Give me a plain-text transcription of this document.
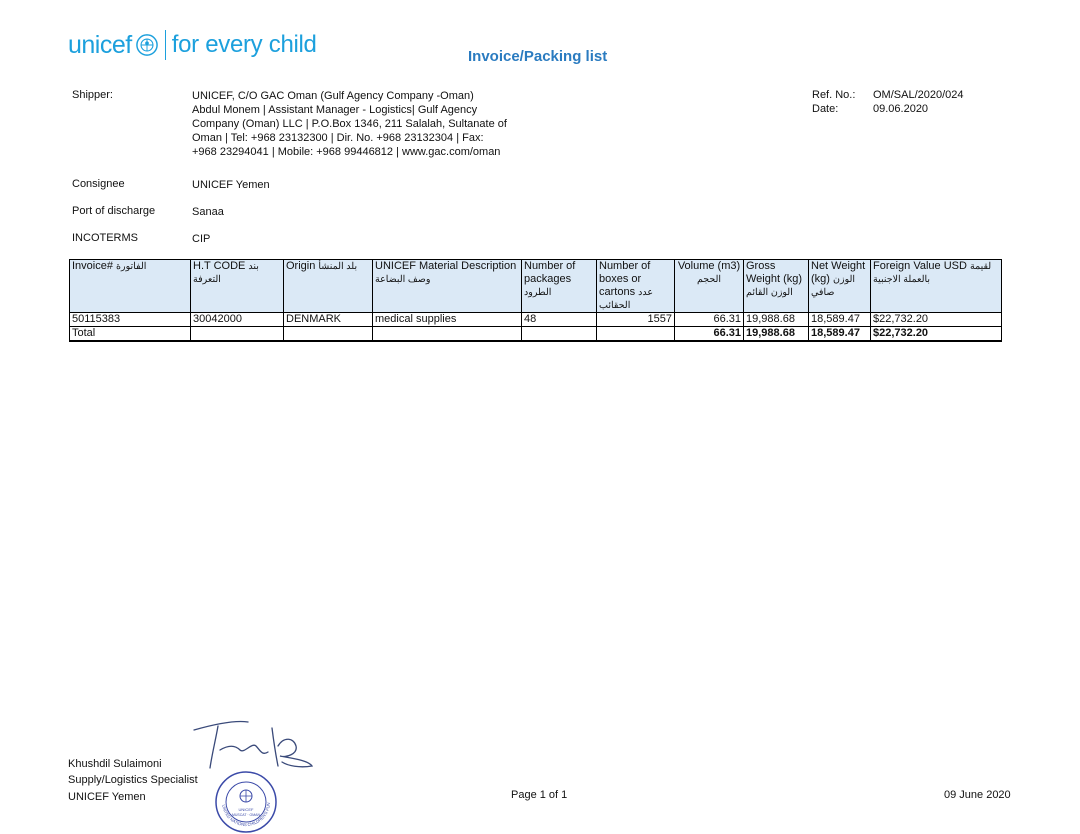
unicef for every child	Invoice/Packing list
Shipper:	UNICEF, C/O GAC Oman (Gulf Agency Company -Oman)
Abdul Monem | Assistant Manager - Logistics| Gulf Agency
Company (Oman) LLC | P.O.Box 1346, 211 Salalah, Sultanate of
Oman | Tel: +968 23132300 | Dir. No. +968 23132304 | Fax:
+968 23294041 | Mobile: +968 99446812 | www.gac.com/oman
Ref. No.: OM/SAL/2020/024
Date:	09.06.2020
Consignee	UNICEF Yemen
Port of discharge	Sanaa
INCOTERMS	CIP
Invoice# الفاتورة	H.T CODE بند التعرفة	Origin بلد المنشأ	UNICEF Material Description وصف البضاعة	Number of packages الطرود	Number of boxes or cartons عدد الحقائب	Volume (m3) الحجم	Gross Weight (kg) الوزن القائم	Net Weight (kg) الوزن صافي	Foreign Value USD لقيمة بالعملة الاجنبية
50115383	30042000	DENMARK	medical supplies	48	1557	66.31	19,988.68	18,589.47	$22,732.20
Total						66.31	19,988.68	18,589.47	$22,732.20
UNICEF
MUSCAT · OMAN
UNITED NATIONS CHILDREN'S FUN
Khushdil Sulaimoni
Supply/Logistics Specialist
UNICEF Yemen	Page 1 of 1	09 June 2020
